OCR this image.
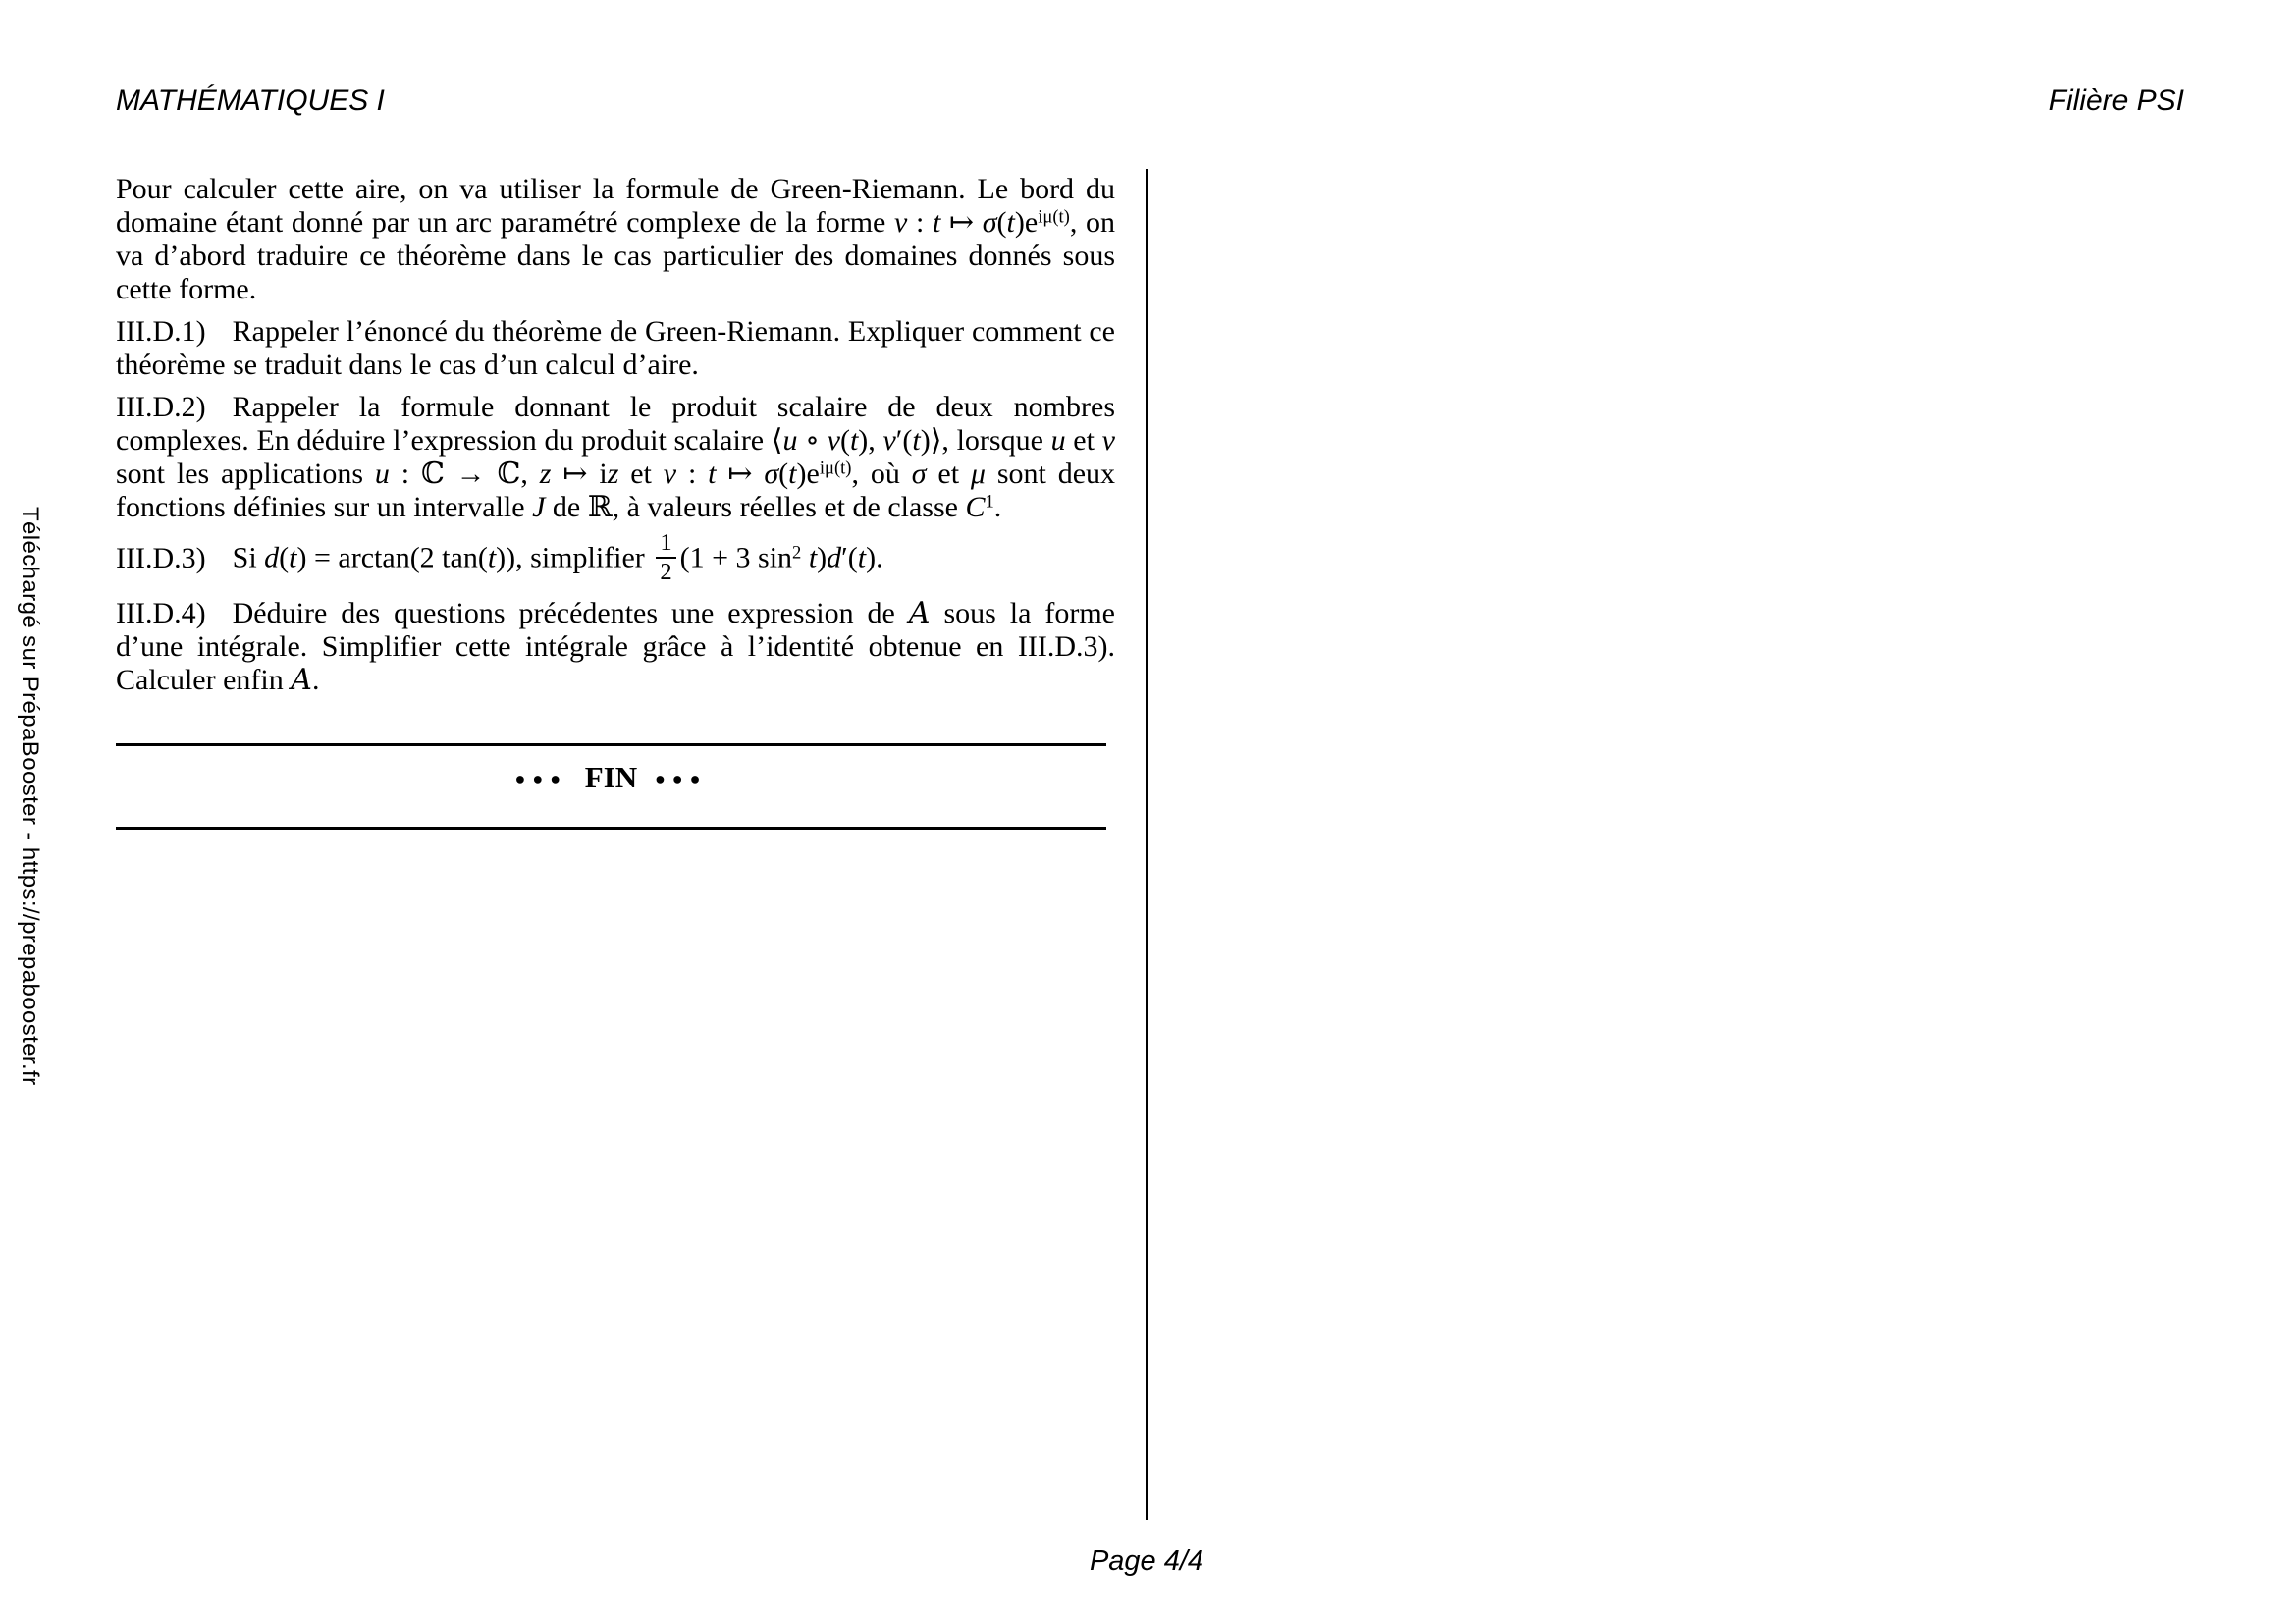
MATHÉMATIQUES I	Filière PSI
Téléchargé sur PrépaBooster - https://prepabooster.fr

Pour calculer cette aire, on va utiliser la formule de Green-Riemann. Le bord du domaine étant donné par un arc paramétré complexe de la forme v : t ↦ $\sigma(t)e^{i\mu(t)}$, on va d’abord traduire ce théorème dans le cas particulier des domaines donnés sous cette forme.

III.D.1) Rappeler l’énoncé du théorème de Green-Riemann. Expliquer comment ce théorème se traduit dans le cas d’un calcul d’aire.

III.D.2) Rappeler la formule donnant le produit scalaire de deux nombres complexes. En déduire l’expression du produit scalaire ⟨u ∘ v(t), v′(t)⟩, lorsque u et v sont les applications u : ℂ → ℂ, z ↦ iz et v : t ↦ $\sigma(t)e^{i\mu(t)}$, où σ et μ sont deux fonctions définies sur un intervalle J de ℝ, à valeurs réelles et de classe $C^1$.

III.D.3) Si d(t) = arctan(2 tan(t)), simplifier $\frac{1}{2} (1 + 3$ $\sin^2 t)d'(t)$.

III.D.4) Déduire des questions précédentes une expression de A sous la forme d’une intégrale. Simplifier cette intégrale grâce à l’identité obtenue en III.D.3). Calculer enfin A.

●●● FIN ●●●
Page 4/4
